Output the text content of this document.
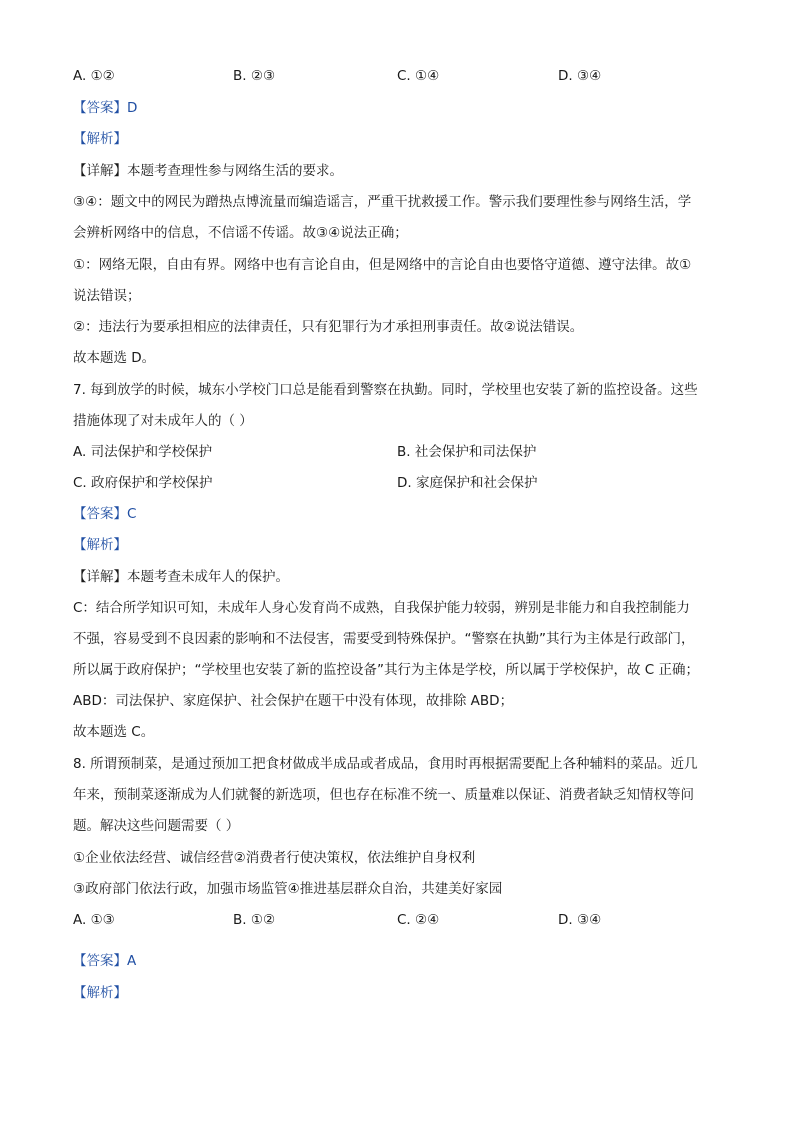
A. ①②	B. ②③	C. ①④	D. ③④
【答案】D
【解析】
【详解】本题考查理性参与网络生活的要求。
③④：题文中的网民为蹭热点博流量而编造谣言，严重干扰救援工作。警示我们要理性参与网络生活，学
会辨析网络中的信息，不信谣不传谣。故③④说法正确；
①：网络无限，自由有界。网络中也有言论自由，但是网络中的言论自由也要恪守道德、遵守法律。故①
说法错误；
②：违法行为要承担相应的法律责任，只有犯罪行为才承担刑事责任。故②说法错误。
故本题选 D。
7. 每到放学的时候，城东小学校门口总是能看到警察在执勤。同时，学校里也安装了新的监控设备。这些
措施体现了对未成年人的（ ）
A. 司法保护和学校保护	B. 社会保护和司法保护
C. 政府保护和学校保护	D. 家庭保护和社会保护
【答案】C
【解析】
【详解】本题考查未成年人的保护。
C：结合所学知识可知，未成年人身心发育尚不成熟，自我保护能力较弱，辨别是非能力和自我控制能力
不强，容易受到不良因素的影响和不法侵害，需要受到特殊保护。“警察在执勤”其行为主体是行政部门，
所以属于政府保护；“学校里也安装了新的监控设备”其行为主体是学校，所以属于学校保护，故 C 正确；
ABD：司法保护、家庭保护、社会保护在题干中没有体现，故排除 ABD；
故本题选 C。
8. 所谓预制菜，是通过预加工把食材做成半成品或者成品，食用时再根据需要配上各种辅料的菜品。近几
年来，预制菜逐渐成为人们就餐的新选项，但也存在标准不统一、质量难以保证、消费者缺乏知情权等问
题。解决这些问题需要（ ）
①企业依法经营、诚信经营②消费者行使决策权，依法维护自身权利
③政府部门依法行政，加强市场监管④推进基层群众自治，共建美好家园
A. ①③	B. ①②	C. ②④	D. ③④
【答案】A
【解析】
